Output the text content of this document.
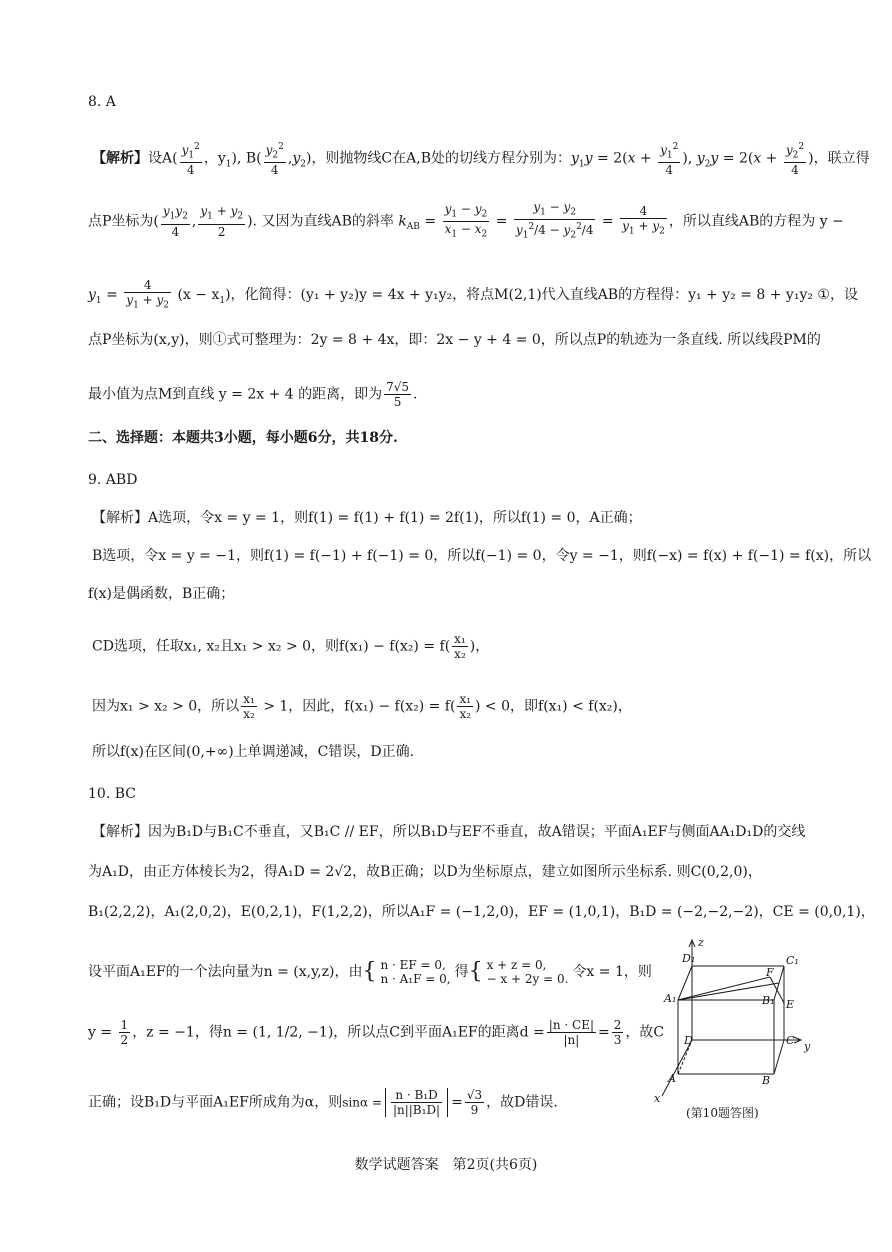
8. A
【解析】设$A( \frac{y_1^2}{4}$ ，$y_1$), $B( \frac{y_2^2}{4} ,y_2)$，则抛物线C在A,B处的切线方程分别为：$y_1y = 2(x + \frac{y_1^2}{4}$ ), $y_2y = 2(x + \frac{y_2^2}{4}$ )，联立得
点P坐标为( $\frac{y_1y_2}{4}$ , $\frac{y_1 + y_2}{2}$ ). 又因为直线AB的斜率 $k_{AB} = \frac{y_1 - y_2}{x_1 - x_2} = \frac{y_1 - y_2}{y_1^2/4 - y_2^2/4} = \frac{4}{y_1 + y_2}$ ，所以直线AB的方程为 y −
$y_1 = \frac{4}{y_1 + y_2} (x - x_1)$，化简得：(y₁ + y₂)y = 4x + y₁y₂，将点M(2,1)代入直线AB的方程得：y₁ + y₂ = 8 + y₁y₂ ①，设
点P坐标为(x,y)，则①式可整理为：2y = 8 + 4x，即：2x − y + 4 = 0，所以点P的轨迹为一条直线. 所以线段PM的
最小值为点M到直线 y = 2x + 4 的距离，即为 $\frac{7√5}{5}$ .
二、选择题：本题共3小题，每小题6分，共18分.
9. ABD
【解析】A选项，令x = y = 1，则f(1) = f(1) + f(1) = 2f(1)，所以f(1) = 0，A正确；
B选项，令x = y = −1，则f(1) = f(−1) + f(−1) = 0，所以f(−1) = 0，令y = −1，则f(−x) = f(x) + f(−1) = f(x)，所以
f(x)是偶函数，B正确；
CD选项，任取x₁, x₂且x₁ > x₂ > 0，则$f(x_1) - f(x_2) = f( \frac{\text{x₁}}{\text{x₂}}$ )，
因为x₁ > x₂ > 0，所以 $\frac{\text{x₁}}{\text{x₂}} > 1$，因此，$f(x_1) - f(x_2) = f( \frac{\text{x₁}}{\text{x₂}}$ ) < 0，即f(x₁) < f(x₂)，
所以f(x)在区间(0,+∞)上单调递减，C错误，D正确.
10. BC
【解析】因为B₁D与B₁C不垂直，又B₁C // EF，所以B₁D与EF不垂直，故A错误；平面A₁EF与侧面AA₁D₁D的交线
为A₁D，由正方体棱长为2，得A₁D = 2√2，故B正确；以D为坐标原点，建立如图所示坐标系. 则C(0,2,0)，
B₁(2,2,2)，A₁(2,0,2)，E(0,2,1)，F(1,2,2)，所以A₁F = (−1,2,0)，EF = (1,0,1)，B₁D = (−2,−2,−2)，CE = (0,0,1)，
设平面A₁EF的一个法向量为n = (x,y,z)，由{ n · EF = 0,
n · A₁F = 0, 得{ x + z = 0,
− x + 2y = 0. 令x = 1，则
$y = \frac{1}{2}$ ，z = −1，得n = (1, 1/2, −1)，所以点C到平面A₁EF的距离$d = \frac{|n \cdot CE|}{|n|} = \frac{2}{3}$ ，故C
正确；设B₁D与平面A₁EF所成角为α，则$\sin\alpha = \frac{\text{n · B₁D}}{\text{|n||B₁D|}} = \frac{√3}{9}$ ，故D错误.
z
y
x
D₁	C₁
A₁	B₁
F
E
D	C
A	B
(第10题答图)
数学试题答案　第2页(共6页)
